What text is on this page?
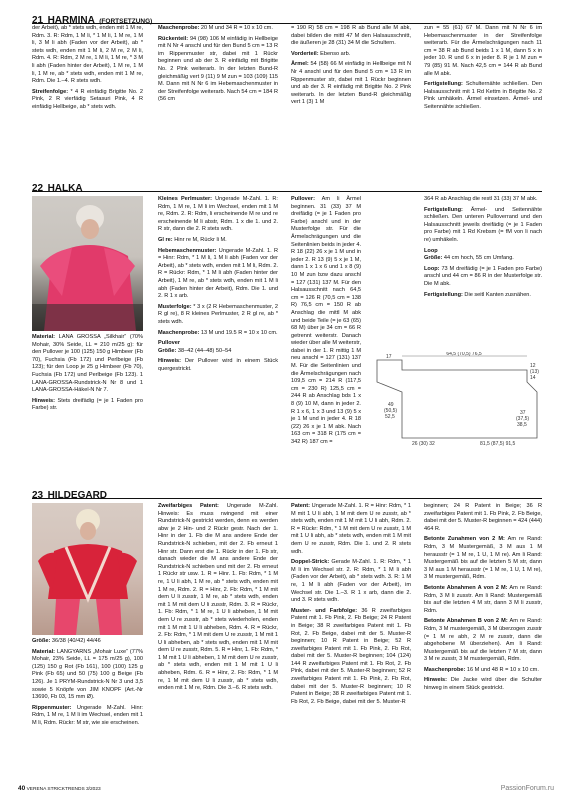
21 HARMINA (FORTSETZUNG)

der Arbeit), ab * stets wdh, enden mit 1 M re, Rdm. 3. R: Rdm, 1 M li, * 1 M li, 1 M re, 1 M li, 3 M li abh (Faden vor der Arbeit), ab * stets wdh, enden mit 1 M li, 2 M re, 2 M li, Rdm. 4. R: Rdm, 2 M re, 1 M li, 1 M re, * 3 M li abh (Faden hinter der Arbeit), 1 M re, 1 M li, 1 M re, ab * stets wdh, enden mit 1 M re, Rdm. Die 1.–4. R stets wdh.

Streifenfolge: * 4 R einfädig Brigitte No. 2 Pink, 2 R vierfädig Setasuri Pink, 4 R einfädig Hellbeige, ab * stets wdh.

Maschenprobe: 20 M und 34 R = 10 x 10 cm.

Rückenteil: 94 (98) 106 M einfädig in Hellbeige mit N Nr 4 anschl und für den Bund 5 cm = 13 R im Rippenmuster str, dabei mit 1 Rückr beginnen und ab der 3. R einfädig mit Brigitte No. 2 Pink weiterarb. In der letzten Bund-R gleichmäßig vert 9 (11) 9 M zun = 103 (109) 115 M. Dann mit N Nr 6 im Hebemaschenmuster in der Streifenfolge weiterarb. Nach 54 cm = 184 R (56 cm

= 190 R) 58 cm = 198 R ab Bund alle M abk, dabei bilden die mittl 47 M den Halsausschnitt, die äußeren je 28 (31) 34 M die Schultern.

Vorderteil: Ebenso arb.

Ärmel: 54 (58) 66 M einfädig in Hellbeige mit N Nr 4 anschl und für den Bund 5 cm = 13 R im Rippenmuster str, dabei mit 1 Rückr beginnen und ab der 3. R einfädig mit Brigitte No. 2 Pink weiterarb. In der letzten Bund-R gleichmäßig vert 1 (3) 1 M

zun = 55 (61) 67 M. Dann mit N Nr 6 im Hebemaschenmuster in der Streifenfolge weiterarb. Für die Ärmelschrägungen nach 11 cm = 38 R ab Bund beids 1 x 1 M, dann 5 x in jeder 10. R und 6 x in jeder 8. R je 1 M zun = 79 (85) 91 M. Nach 42,5 cm = 144 R ab Bund alle M abk.

Fertigstellung: Schulternähte schließen. Den Halsausschnitt mit 1 Rd Kettm in Brigitte No. 2 Pink umhäkeln. Ärmel einsetzen. Ärmel- und Seitennähte schließen.

22 HALKA

Material: LANA GROSSA „Silkhair“ (70% Mohair, 30% Seide, LL = 210 m/25 g): für den Pullover je 100 (125) 150 g Himbeer (Fb 70), Fuchsia (Fb 172) und Perlbeige (Fb 123); für den Loop je 25 g Himbeer (Fb 70), Fuchsia (Fb 172) und Perlbeige (Fb 123). 1 LANA-GROSSA-Rundstrick-N Nr 8 und 1 LANA-GROSSA-Häkel-N Nr 7.

Hinweis: Stets dreifädig (= je 1 Faden pro Farbe) str.

Kleines Perlmuster: Ungerade M-Zahl. 1. R: Rdm, 1 M re, 1 M li im Wechsel, enden mit 1 M re, Rdm. 2. R: Rdm, li erscheinende M re und re erscheinende M li abstr, Rdm. 1 x die 1. und 2. R str, dann die 2. R stets wdh.

Gl re: Hinr re M, Rückr li M.

Hebemaschenmuster: Ungerade M-Zahl. 1. R = Hinr: Rdm, * 1 M li, 1 M li abh (Faden vor der Arbeit), ab * stets wdh, enden mit 1 M li, Rdm. 2. R = Rückr: Rdm, * 1 M li abh (Faden hinter der Arbeit), 1 M re, ab * stets wdh, enden mit 1 M li abh (Faden hinter der Arbeit), Rdm. Die 1. und 2. R 1 x arb.

Musterfolge: * 3 x (2 R Hebemaschenmuster, 2 R gl re), 8 R kleines Perlmuster, 2 R gl re, ab * stets wdh.

Maschenprobe: 13 M und 19.5 R = 10 x 10 cm.

Pullover
Größe: 38–42 (44–48) 50–54

Hinweis: Der Pullover wird in einem Stück quergestrickt.

Pullover: Am li Ärmel beginnen. 31 (33) 37 M dreifädig (= je 1 Faden pro Farbe) anschl und in der Musterfolge str. Für die Ärmelschrägungen und die Seitenlinien beids in jeder 4. R 18 (22) 26 x je 1 M und in jeder 2. R 13 (9) 5 x je 1 M, dann 1 x 1 x 6 und 1 x 8 (9) 10 M zun bzw dazu anschl = 127 (131) 137 M. Für den Halsausschnitt nach 64,5 cm = 126 R (70,5 cm = 138 R) 76,5 cm = 150 R ab Anschlag die mittl M abk und beide Teile (= je 63 (65) 68 M) über je 34 cm = 66 R getrennt weiterstr. Danach wieder über alle M weiterstr, dabei in der 1. R mittig 1 M neu anschl = 127 (131) 137 M. Für die Seitenlinien und die Ärmelschrägungen nach 109,5 cm = 214 R (117,5 cm = 230 R) 125,5 cm = 244 R ab Anschlag bds 1 x 8 (9) 10 M, dann in jeder 2. R 1 x 6, 1 x 3 und 13 (9) 5 x je 1 M und in jeder 4. R 18 (22) 26 x je 1 M abk. Nach 163 cm = 318 R (175 cm = 342 R) 187 cm =

364 R ab Anschlag die restl 31 (33) 37 M abk.

Fertigstellung: Ärmel- und Seitennähte schließen. Den unteren Pulloverrand und den Halsausschnitt jeweils dreifädig (= je 1 Faden pro Farbe) mit 1 Rd Krebsm (= fM von li nach re) umhäkeln.

Loop
Größe: 44 cm hoch, 55 cm Umfang.

Loop: 73 M dreifädig (= je 1 Faden pro Farbe) anschl und 44 cm = 86 R in der Musterfolge str. Die M abk.

Fertigstellung: Die seitl Kanten zusnähen.

64,5 (70,5) 76,5
17
12
(13)
14
49
(50,5)
52,5
37
(37,5)
38,5
26 (30) 32	81,5 (87,5) 91,5
23 HILDEGARD

Größe: 36/38 (40/42) 44/46

Material: LANGYARNS „Mohair Luxe“ (77% Mohair, 23% Seide, LL = 175 m/25 g), 100 (125) 150 g Rot (Fb 161), 100 (100) 125 g Pink (Fb 65) und 50 (75) 100 g Beige (Fb 126). Je 1 PRYM-Rundstrick-N Nr 3 und 3,5 sowie 5 Knöpfe von JIM KNOPF (Art.-Nr 13690, Fb 03, 15 mm Ø).

Rippenmuster: Ungerade M-Zahl. Hinr: Rdm, 1 M re, 1 M li im Wechsel, enden mit 1 M li, Rdm. Rückr: M str, wie sie erscheinen.

Zweifarbiges Patent: Ungerade M-Zahl. Hinweis: Es muss rwingend mit einer Rundstrick-N gestrickt werden, denn es werden abw je 2 Hin- und 2 Rückr gestr. Nach der 1. Hinr in der 1. Fb die M ans andere Ende der Rundstrick-N schieben, mit der 2. Fb erneut 1 Hinr str. Dann erst die 1. Rückr in der 1. Fb str, danach wieder die M ans andere Ende der Rundstrick-N schieben und mit der 2. Fb erneut 1 Rückr str usw. 1. R = Hinr. 1. Fb: Rdm, * 1 M re, 1 U li abh, 1 M re, ab * stets wdh, enden mit 1 M re, Rdm. 2. R = Hinr, 2. Fb: Rdm, * 1 M mit dem U li zusstr, 1 M re, ab * stets wdh, enden mit 1 M mit dem U li zusstr, Rdm. 3. R = Rückr, 1. Fb: Rdm, * 1 M re, 1 U li abheben, 1 M mit dem U re zusstr, ab * stets wiederholen, enden mit 1 M mit 1 U li abheben, Rdm. 4. R = Rückr, 2. Fb: Rdm, * 1 M mit dem U re zusstr, 1 M mit 1 U li abheben, ab * stets wdh, enden mit 1 M mit dem U re zusstr, Rdm. 5. R = Hinr, 1. Fb: Rdm, * 1 M mit 1 U li abheben, 1 M mit dem U re zusstr, ab * stets wdh, enden mit 1 M mit 1 U li abheben, Rdm. 6. R = Hinr, 2. Fb: Rdm, * 1 M re, 1 M mit dem U li zusstr, ab * stets wdh, enden mit 1 M re, Rdm. Die 3.–6. R stets wdh.

Patent: Ungerade M-Zahl. 1. R = Hinr: Rdm, * 1 M mit 1 U li abh, 1 M mit dem U re zusstr, ab * stets wdh, enden mit 1 M mit 1 U li abh, Rdm. 2. R = Rückr: Rdm, * 1 M mit dem U re zusstr, 1 M mit 1 U li abh, ab * stets wdh, enden mit 1 M mit dem U re zusstr, Rdm. Die 1. und 2. R stets wdh.

Doppel-Strick: Gerade M-Zahl. 1. R: Rdm, * 1 M li im Wechsel str. 2. R: Rdm, * 1 M li abh (Faden vor der Arbeit), ab * stets wdh. 3. R: 1 M re, 1 M li abh (Faden vor der Arbeit), im Wechsel str. Die 1.–3. R 1 x arb, dann die 2. und 3. R stets wdh.

Muster- und Farbfolge: 36 R zweifarbiges Patent mit 1. Fb Pink, 2. Fb Beige; 24 R Patent in Beige; 38 R zweifarbiges Patent mit 1. Fb Rot, 2. Fb Beige, dabei mit der 5. Muster-R beginnen; 10 R Patent in Beige; 52 R zweifarbiges Patent mit 1. Fb Pink, 2. Fb Rot, dabei mit der 5. Muster-R beginnen; 104 (124) 144 R zweifarbiges Patent mit 1. Fb Rot, 2. Fb Pink, dabei mit der 5. Muster-R beginnen; 52 R zweifarbiges Patent mit 1. Fb Pink, 2. Fb Rot, dabei mit der 5. Muster-R beginnen; 10 R Patent in Beige; 38 R zweifarbiges Patent mit 1. Fb Rot, 2. Fb Beige, dabei mit der 5. Muster-R

beginnen; 24 R Patent in Beige; 36 R zweifarbiges Patent mit 1. Fb Pink, 2. Fb Beige, dabei mit der 5. Muster-R beginnen = 424 (444) 464 R.

Betonte Zunahmen von 2 M: Am re Rand: Rdm, 3 M Mustergemäß, 3 M aus 1 M herausstr (= 1 M re, 1 U, 1 M re). Am li Rand: Mustergemäß bis auf die letzten 5 M str, dann 3 M aus 1 M herausstr (= 1 M re, 1 U, 1 M re), 3 M mustergemäß, Rdm.

Betonte Abnahmen A von 2 M: Am re Rand: Rdm, 3 M li zusstr. Am li Rand: Mustergemäß bis auf die letzten 4 M str, dann 3 M li zusstr, Rdm.

Betonte Abnahmen B von 2 M: Am re Rand: Rdm, 3 M mustergemäß, 3 M überzogen zusstr (= 1 M re abh, 2 M re zusstr, dann die abgehobene M überziehen). Am li Rand: Mustergemäß bis auf die letzten 7 M str, dann 3 M re zusstr, 3 M mustergemäß, Rdm.

Maschenprobe: 16 M und 48 R = 10 x 10 cm.

Hinweis: Die Jacke wird über die Schulter hinweg in einem Stück gestrickt.

40 VERENA STRICKTRENDS 3/2023	PassionForum.ru
